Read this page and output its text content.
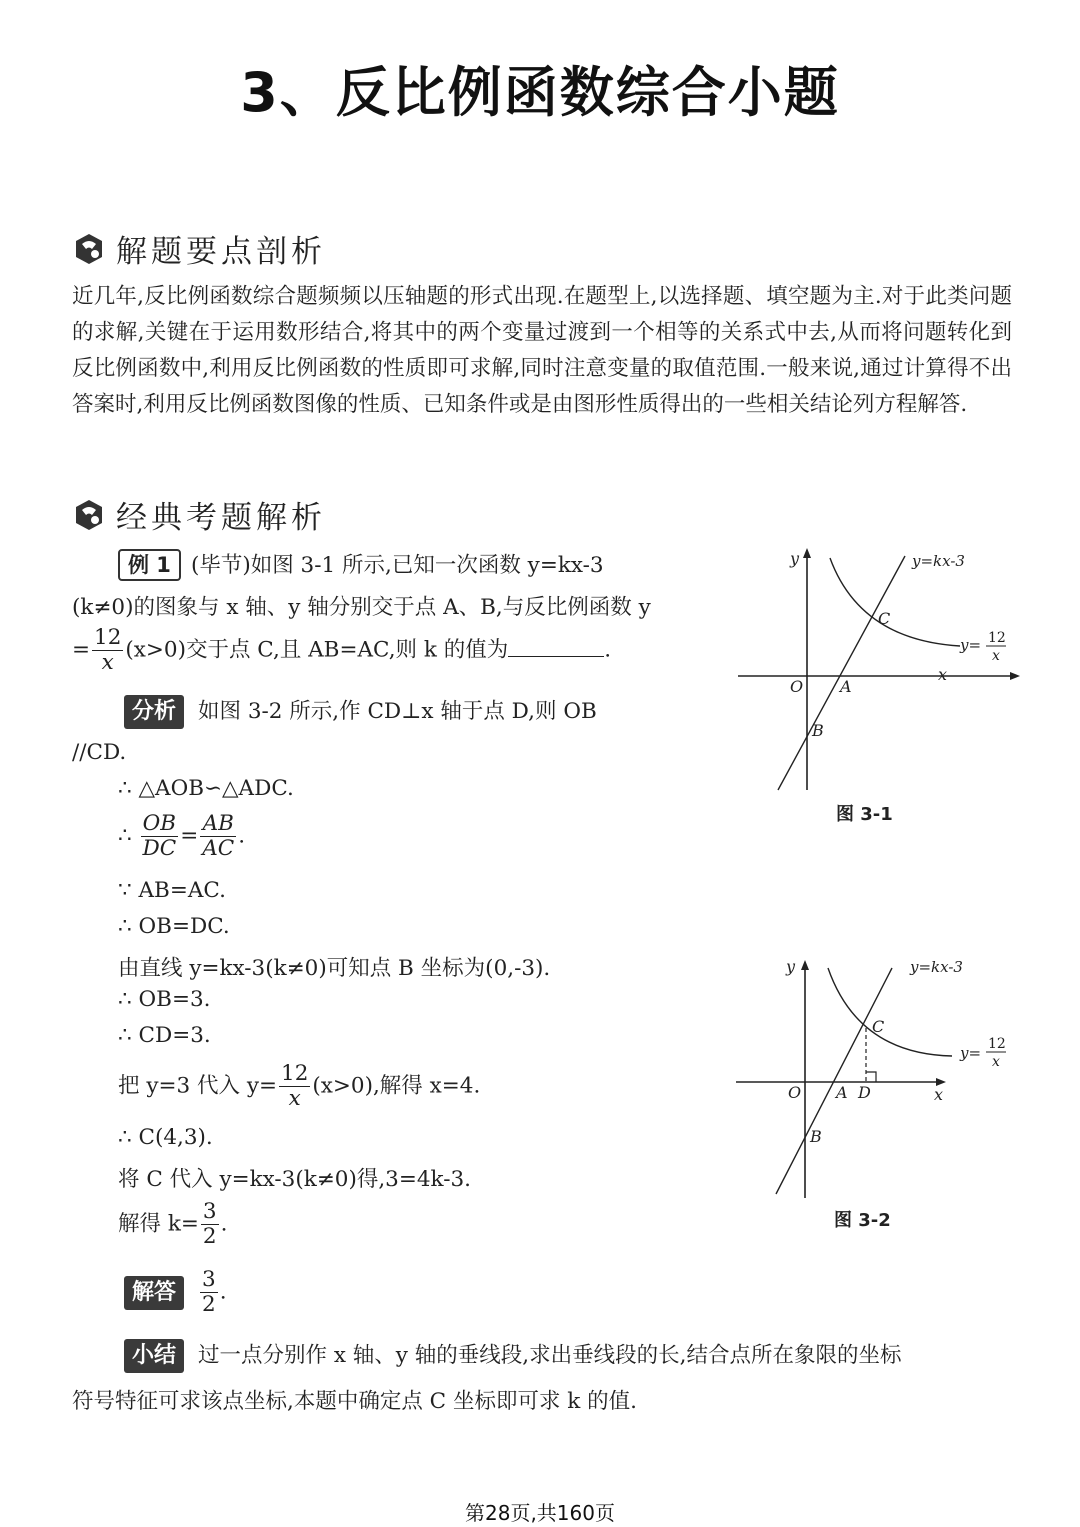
3、反比例函数综合小题
解题要点剖析
近几年,反比例函数综合题频频以压轴题的形式出现.在题型上,以选择题、填空题为主.对于此类问题的求解,关键在于运用数形结合,将其中的两个变量过渡到一个相等的关系式中去,从而将问题转化到反比例函数中,利用反比例函数的性质即可求解,同时注意变量的取值范围.一般来说,通过计算得不出答案时,利用反比例函数图像的性质、已知条件或是由图形性质得出的一些相关结论列方程解答.
经典考题解析
例 1 (毕节)如图 3-1 所示,已知一次函数 y=kx-3
(k≠0)的图象与 x 轴、y 轴分别交于点 A、B,与反比例函数 y
= $\frac{12}{x} (x>0)$交于点 C,且 AB=AC,则 k 的值为	.
分析 如图 3-2 所示,作 CD⊥x 轴于点 D,则 OB
//CD.
∴ △AOB∽△ADC.
∴ $\frac{OB}{DC} = \frac{AB}{AC}$ .
∵ AB=AC.
∴ OB=DC.
由直线 y=kx-3(k≠0)可知点 B 坐标为(0,-3).
∴ OB=3.
∴ CD=3.
把 y=3 代入 $y= \frac{12}{x} (x>0)$,解得 x=4.
∴ C(4,3).
将 C 代入 y=kx-3(k≠0)得,3=4k-3.
解得 $k= \frac{3}{2}$ .
解答 $\frac{3}{2}$ .
小结 过一点分别作 x 轴、y 轴的垂线段,求出垂线段的长,结合点所在象限的坐标
符号特征可求该点坐标,本题中确定点 C 坐标即可求 k 的值.
y
x
O A
B
C
y=kx-3
y= 12
x
图 3-1
y
x
O A D
B
C
y=kx-3
y= 12
x
图 3-2
第28页,共160页
